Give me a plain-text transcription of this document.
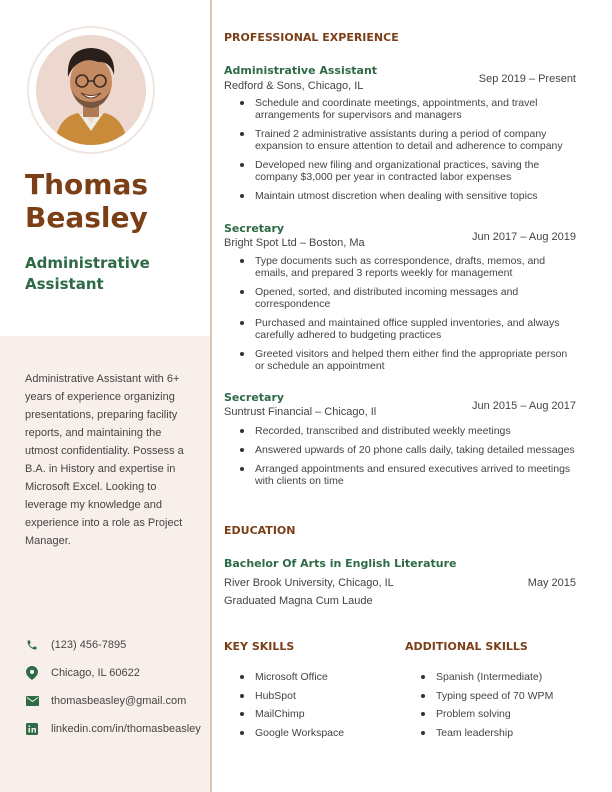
Thomas
Beasley
Administrative
Assistant

Administrative Assistant with 6+ years of experience organizing presentations, preparing facility reports, and maintaining the utmost confidentiality. Possess a B.A. in History and expertise in Microsoft Excel. Looking to leverage my knowledge and experience into a role as Project Manager.

(123) 456-7895
Chicago, IL 60622
thomasbeasley@gmail.com
linkedin.com/in/thomasbeasley
PROFESSIONAL EXPERIENCE
Administrative Assistant
Sep 2019 – Present
Redford & Sons, Chicago, IL
Schedule and coordinate meetings, appointments, and travel arrangements for supervisors and managers
Trained 2 administrative assistants during a period of company expansion to ensure attention to detail and adherence to company
Developed new filing and organizational practices, saving the company $3,000 per year in contracted labor expenses
Maintain utmost discretion when dealing with sensitive topics
Secretary
Jun 2017 – Aug 2019
Bright Spot Ltd – Boston, Ma
Type documents such as correspondence, drafts, memos, and emails, and prepared 3 reports weekly for management
Opened, sorted, and distributed incoming messages and correspondence
Purchased and maintained office suppled inventories, and always carefully adhered to budgeting practices
Greeted visitors and helped them either find the appropriate person or schedule an appointment
Secretary
Jun 2015 – Aug 2017
Suntrust Financial – Chicago, Il
Recorded, transcribed and distributed weekly meetings
Answered upwards of 20 phone calls daily, taking detailed messages
Arranged appointments and ensured executives arrived to meetings with clients on time
EDUCATION
Bachelor Of Arts in English Literature
River Brook University, Chicago, IL	May 2015
Graduated Magna Cum Laude
KEY SKILLS
Microsoft Office
HubSpot
MailChimp
Google Workspace
ADDITIONAL SKILLS
Spanish (Intermediate)
Typing speed of 70 WPM
Problem solving
Team leadership
